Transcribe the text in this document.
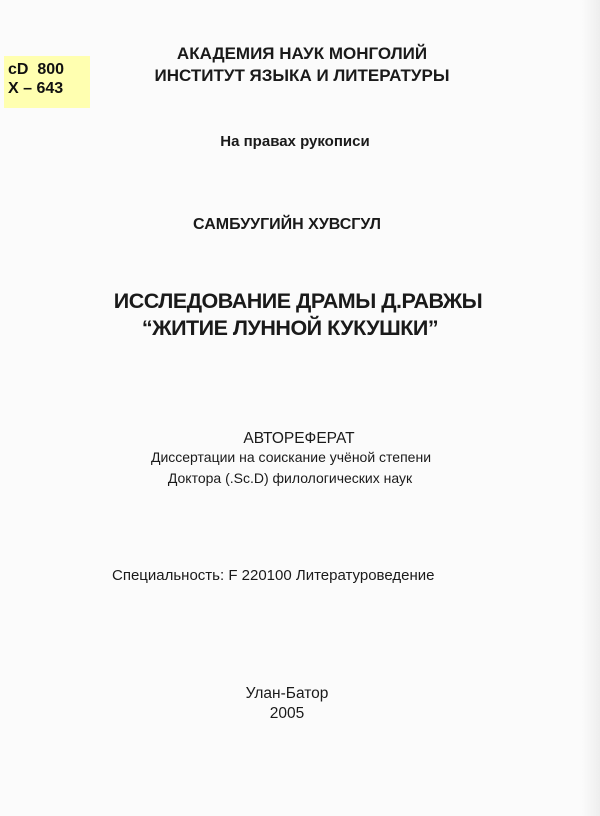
cD  800
X – 643
АКАДЕМИЯ НАУК МОНГОЛИЙ
ИНСТИТУТ ЯЗЫКА И ЛИТЕРАТУРЫ
На правах рукописи
САМБУУГИЙН ХУВСГУЛ
ИССЛЕДОВАНИЕ ДРАМЫ Д.РАВЖЫ
“ЖИТИЕ ЛУННОЙ КУКУШКИ”
АВТОРЕФЕРАТ
Диссертации на соискание учёной степени
Доктора (.Sc.D) филологических наук
Специальность: F 220100 Литературоведение
Улан-Батор
2005
